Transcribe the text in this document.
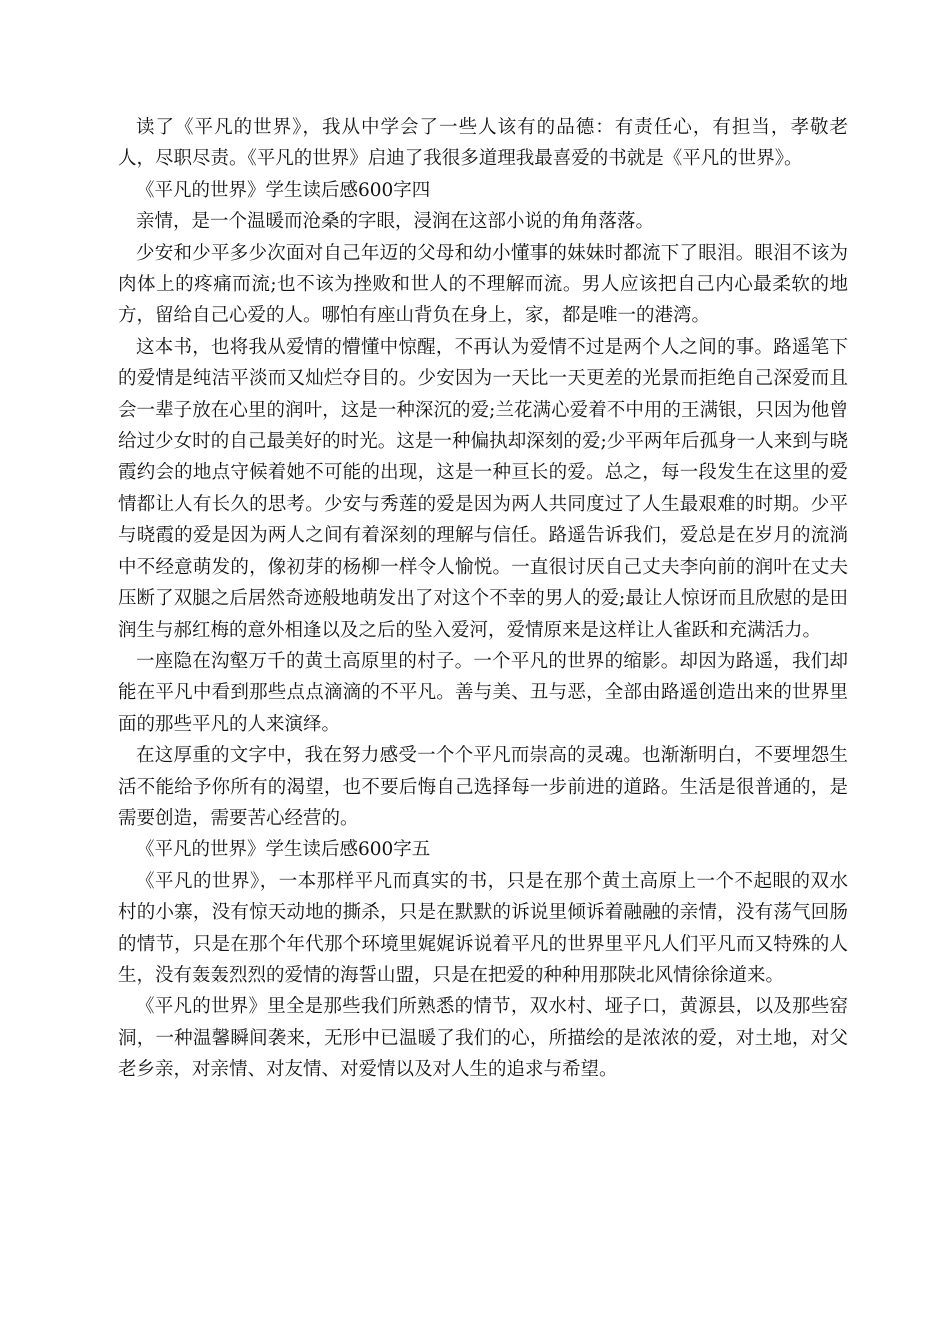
读了《平凡的世界》，我从中学会了一些人该有的品德：有责任心，有担当，孝敬老人，尽职尽责。《平凡的世界》启迪了我很多道理我最喜爱的书就是《平凡的世界》。

《平凡的世界》学生读后感600字四

亲情，是一个温暖而沧桑的字眼，浸润在这部小说的角角落落。

少安和少平多少次面对自己年迈的父母和幼小懂事的妹妹时都流下了眼泪。眼泪不该为肉体上的疼痛而流;也不该为挫败和世人的不理解而流。男人应该把自己内心最柔软的地方，留给自己心爱的人。哪怕有座山背负在身上，家，都是唯一的港湾。

这本书，也将我从爱情的懵懂中惊醒，不再认为爱情不过是两个人之间的事。路遥笔下的爱情是纯洁平淡而又灿烂夺目的。少安因为一天比一天更差的光景而拒绝自己深爱而且会一辈子放在心里的润叶，这是一种深沉的爱;兰花满心爱着不中用的王满银，只因为他曾给过少女时的自己最美好的时光。这是一种偏执却深刻的爱;少平两年后孤身一人来到与晓霞约会的地点守候着她不可能的出现，这是一种亘长的爱。总之，每一段发生在这里的爱情都让人有长久的思考。少安与秀莲的爱是因为两人共同度过了人生最艰难的时期。少平与晓霞的爱是因为两人之间有着深刻的理解与信任。路遥告诉我们，爱总是在岁月的流淌中不经意萌发的，像初芽的杨柳一样令人愉悦。一直很讨厌自己丈夫李向前的润叶在丈夫压断了双腿之后居然奇迹般地萌发出了对这个不幸的男人的爱;最让人惊讶而且欣慰的是田润生与郝红梅的意外相逢以及之后的坠入爱河，爱情原来是这样让人雀跃和充满活力。

一座隐在沟壑万千的黄土高原里的村子。一个平凡的世界的缩影。却因为路遥，我们却能在平凡中看到那些点点滴滴的不平凡。善与美、丑与恶，全部由路遥创造出来的世界里面的那些平凡的人来演绎。

在这厚重的文字中，我在努力感受一个个平凡而崇高的灵魂。也渐渐明白，不要埋怨生活不能给予你所有的渴望，也不要后悔自己选择每一步前进的道路。生活是很普通的，是需要创造，需要苦心经营的。

《平凡的世界》学生读后感600字五

《平凡的世界》，一本那样平凡而真实的书，只是在那个黄土高原上一个不起眼的双水村的小寨，没有惊天动地的撕杀，只是在默默的诉说里倾诉着融融的亲情，没有荡气回肠的情节，只是在那个年代那个环境里娓娓诉说着平凡的世界里平凡人们平凡而又特殊的人生，没有轰轰烈烈的爱情的海誓山盟，只是在把爱的种种用那陕北风情徐徐道来。

《平凡的世界》里全是那些我们所熟悉的情节，双水村、垭子口，黄源县，以及那些窑洞，一种温馨瞬间袭来，无形中已温暖了我们的心，所描绘的是浓浓的爱，对土地，对父老乡亲，对亲情、对友情、对爱情以及对人生的追求与希望。
